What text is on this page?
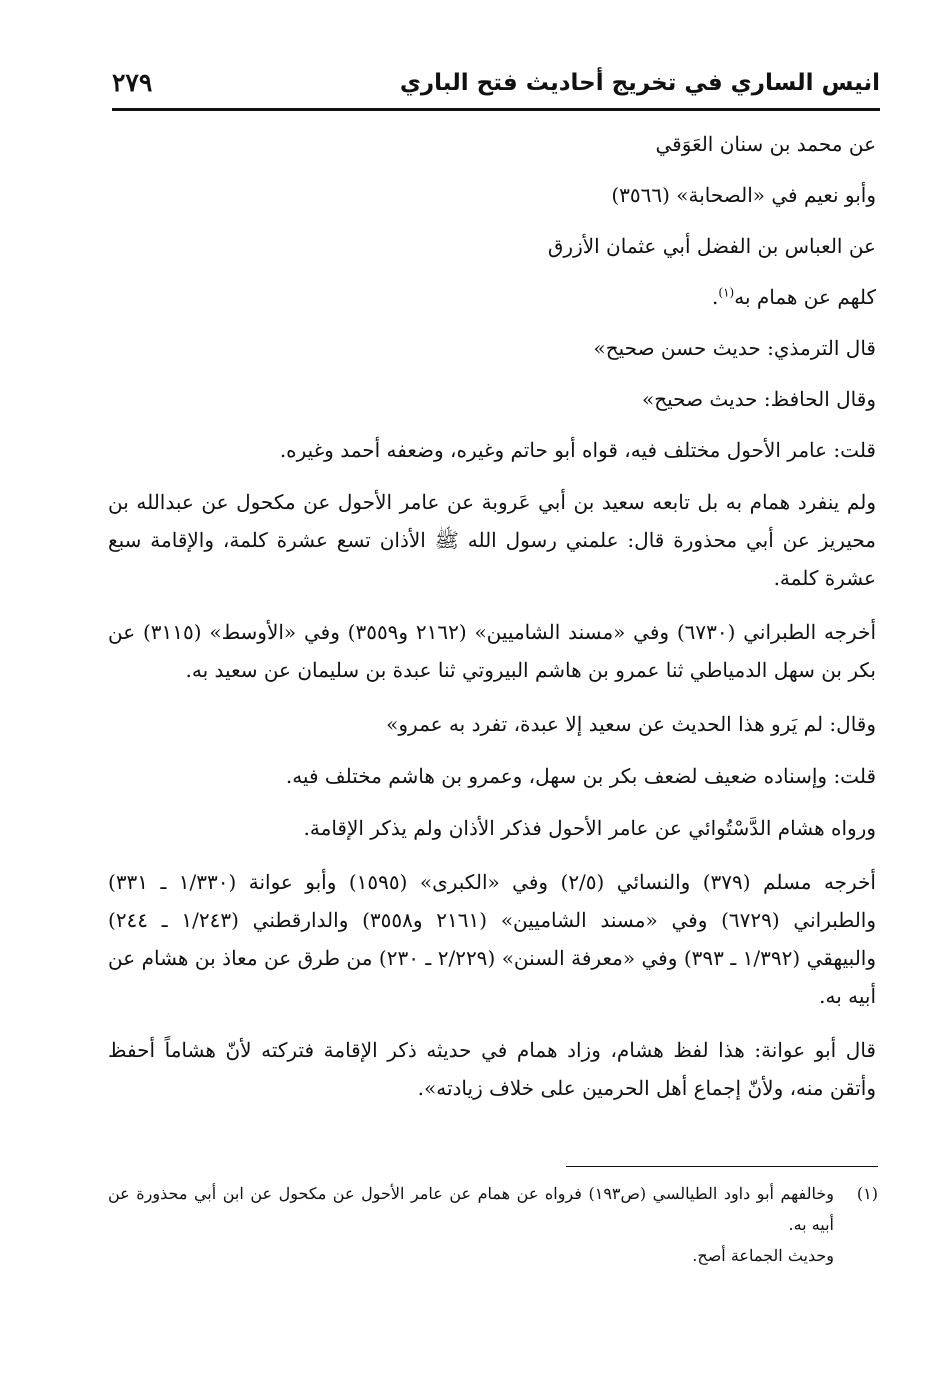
انيس الساري في تخريج أحاديث فتح الباري
٢٧٩

عن محمد بن سنان العَوَقي

وأبو نعيم في «الصحابة» (٣٥٦٦)

عن العباس بن الفضل أبي عثمان الأزرق

كلهم عن همام به$^{(١)}$.

قال الترمذي: حديث حسن صحيح»

وقال الحافظ: حديث صحيح»

قلت: عامر الأحول مختلف فيه، قواه أبو حاتم وغيره، وضعفه أحمد وغيره.

ولم ينفرد همام به بل تابعه سعيد بن أبي عَروبة عن عامر الأحول عن مكحول عن عبدالله بن محيريز عن أبي محذورة قال: علمني رسول الله ﷺ الأذان تسع عشرة كلمة، والإقامة سبع عشرة كلمة.

أخرجه الطبراني (٦٧٣٠) وفي «مسند الشاميين» (٢١٦٢ و٣٥٥٩) وفي «الأوسط» (٣١١٥) عن بكر بن سهل الدمياطي ثنا عمرو بن هاشم البيروتي ثنا عبدة بن سليمان عن سعيد به.

وقال: لم يَرو هذا الحديث عن سعيد إلا عبدة، تفرد به عمرو»

قلت: وإسناده ضعيف لضعف بكر بن سهل، وعمرو بن هاشم مختلف فيه.

ورواه هشام الدَّسْتُوائي عن عامر الأحول فذكر الأذان ولم يذكر الإقامة.

أخرجه مسلم (٣٧٩) والنسائي (٢/٥) وفي «الكبرى» (١٥٩٥) وأبو عوانة (١/٣٣٠ ـ ٣٣١) والطبراني (٦٧٢٩) وفي «مسند الشاميين» (٢١٦١ و٣٥٥٨) والدارقطني (١/٢٤٣ ـ ٢٤٤) والبيهقي (١/٣٩٢ ـ ٣٩٣) وفي «معرفة السنن» (٢/٢٢٩ ـ ٢٣٠) من طرق عن معاذ بن هشام عن أبيه به.

قال أبو عوانة: هذا لفظ هشام، وزاد همام في حديثه ذكر الإقامة فتركته لأنّ هشاماً أحفظ وأتقن منه، ولأنّ إجماع أهل الحرمين على خلاف زيادته».

(١)
وخالفهم أبو داود الطيالسي (ص١٩٣) فرواه عن همام عن عامر الأحول عن مكحول عن ابن أبي محذورة عن أبيه به.

وحديث الجماعة أصح.
